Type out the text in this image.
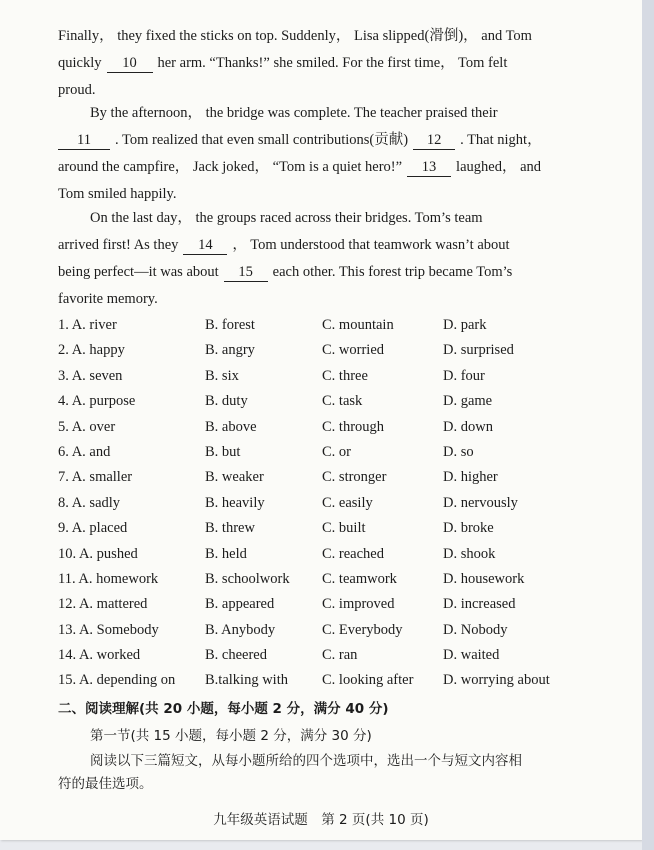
Finally， they fixed the sticks on top. Suddenly， Lisa slipped(滑倒)， and Tom
quickly 10 her arm. “Thanks!” she smiled. For the first time， Tom felt
proud.
By the afternoon， the bridge was complete. The teacher praised their
11 . Tom realized that even small contributions(贡献) 12 . That night，
around the campfire， Jack joked， “Tom is a quiet hero!” 13 laughed， and
Tom smiled happily.
On the last day， the groups raced across their bridges. Tom’s team
arrived first! As they 14 ， Tom understood that teamwork wasn’t about
being perfect—it was about 15 each other. This forest trip became Tom’s
favorite memory.
1. A. river	B. forest	C. mountain	D. park
2. A. happy	B. angry	C. worried	D. surprised
3. A. seven	B. six	C. three	D. four
4. A. purpose	B. duty	C. task	D. game
5. A. over	B. above	C. through	D. down
6. A. and	B. but	C. or	D. so
7. A. smaller	B. weaker	C. stronger	D. higher
8. A. sadly	B. heavily	C. easily	D. nervously
9. A. placed	B. threw	C. built	D. broke
10. A. pushed	B. held	C. reached	D. shook
11. A. homework	B. schoolwork C. teamwork	D. housework
12. A. mattered	B. appeared	C. improved	D. increased
13. A. Somebody	B. Anybody	C. Everybody	D. Nobody
14. A. worked	B. cheered	C. ran	D. waited
15. A. depending on B.talking with C. looking after D. worrying about
二、阅读理解(共 20 小题，每小题 2 分，满分 40 分)
第一节(共 15 小题，每小题 2 分，满分 30 分)
阅读以下三篇短文，从每小题所给的四个选项中，选出一个与短文内容相
符的最佳选项。
九年级英语试题　第 2 页(共 10 页)
